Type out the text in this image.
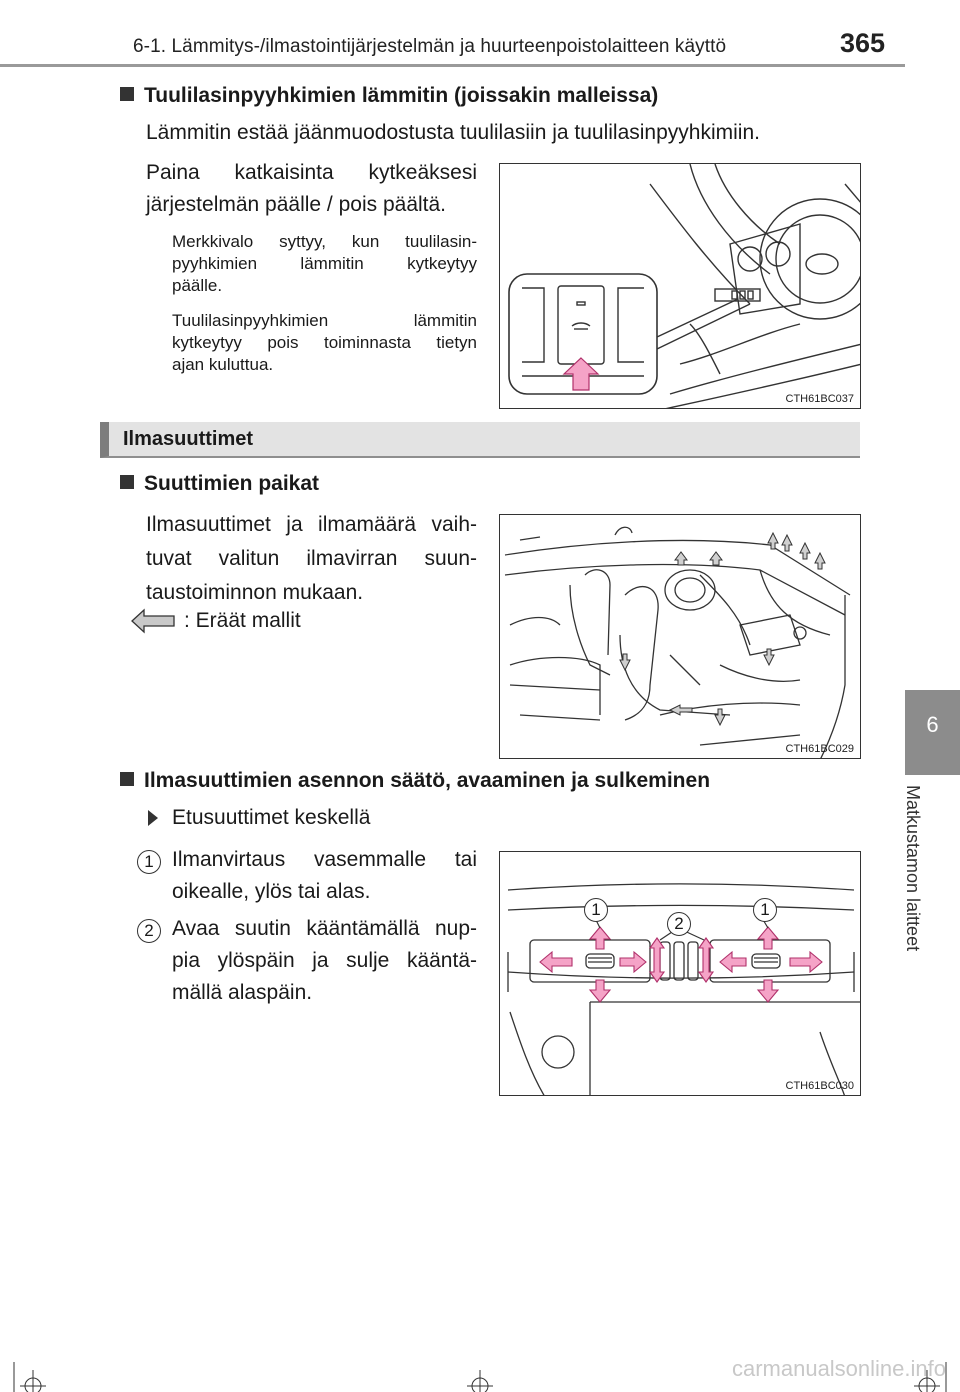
6-1. Lämmitys-/ilmastointijärjestelmän ja huurteenpoistolaitteen käyttö	365
6
Matkustamon laitteet
Tuulilasinpyyhkimien lämmitin (joissakin malleissa)
Lämmitin estää jäänmuodostusta tuulilasiin ja tuulilasinpyyhkimiin.
Paina katkaisinta kytkeäksesi
järjestelmän päälle / pois päältä.
Merkkivalo syttyy, kun tuulilasin-
pyyhkimien lämmitin kytkeytyy
päälle.
Tuulilasinpyyhkimien lämmitin
kytkeytyy pois toiminnasta tietyn
ajan kuluttua.
CTH61BC037
Ilmasuuttimet
Suuttimien paikat
Ilmasuuttimet ja ilmamäärä vaih-
tuvat valitun ilmavirran suun-
taustoiminnon mukaan.
: Eräät mallit
CTH61BC029
Ilmasuuttimien asennon säätö, avaaminen ja sulkeminen
Etusuuttimet keskellä
1 Ilmanvirtaus vasemmalle tai
oikealle, ylös tai alas.
2 Avaa suutin kääntämällä nup-
pia ylöspäin ja sulje kääntä-
mällä alaspäin.
1
2
1
CTH61BC030
carmanualsonline.info
